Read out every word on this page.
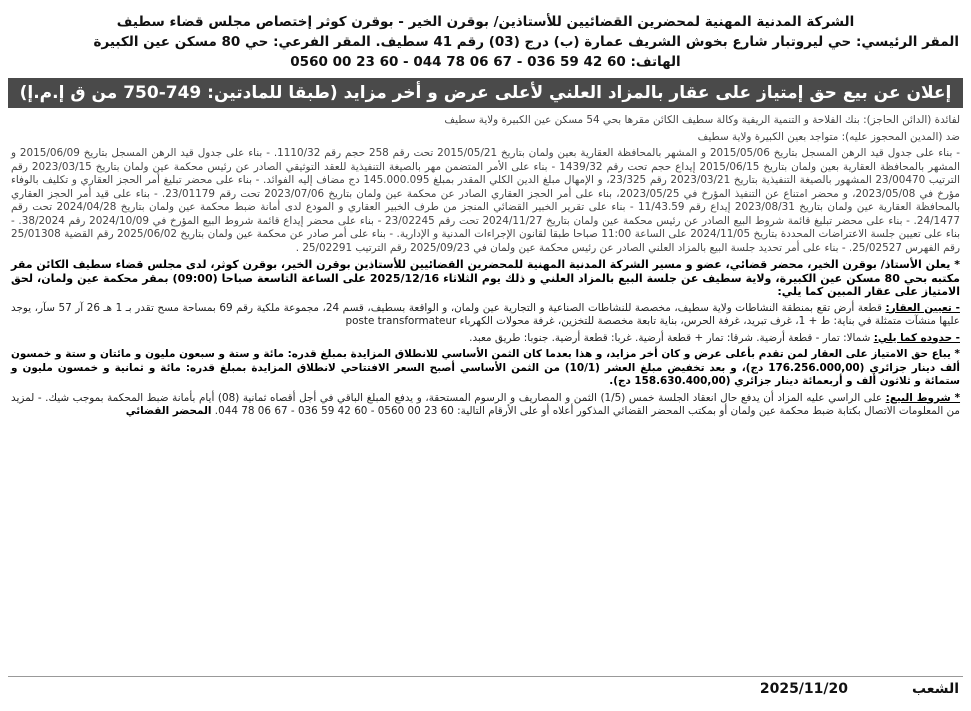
الشركة المدنية المهنية لمحضرين القضائيين للأستاذين/ بوقرن الخير - بوقرن كوثر إختصاص مجلس قضاء سطيف
المقر الرئيسي: حي ليروتبار شارع بخوش الشريف عمارة (ب) درج (03) رقم 41 سطيف. المقر الفرعي: حي 80 مسكن عين الكبيرة
الهاتف: 60 42 59 036 - 67 06 78 044 - 60 23 00 0560
إعلان عن بيع حق إمتياز على عقار بالمزاد العلني لأعلى عرض و أخر مزايد (طبقا للمادتين: 749-750 من ق إ.م.إ)

لفائدة (الدائن الحاجز): بنك الفلاحة و التنمية الريفية وكالة سطيف الكائن مقرها بحي 54 مسكن عين الكبيرة ولاية سطيف

ضد (المدين المحجوز عليه): متواجد بعين الكبيرة ولاية سطيف

- بناء على جدول قيد الرهن المسجل بتاريخ 2015/05/06 و المشهر بالمحافظة العقارية بعين ولمان بتاريخ 2015/05/21 تحت رقم 258 حجم رقم 1110/32. - بناء على جدول قيد الرهن المسجل بتاريخ 2015/06/09 و المشهر بالمحافظة العقارية بعين ولمان بتاريخ 2015/06/15 إيداع حجم تحت رقم 1439/32 - بناء على الأمر المتضمن مهر بالصيغة التنفيذية للعقد التوثيقي الصادر عن رئيس محكمة عين ولمان بتاريخ 2023/03/15 رقم الترتيب 23/00470 المشهور بالصيغة التنفيذية بتاريخ 2023/03/21 رقم 23/325، و الإمهال مبلغ الدين الكلي المقدر بمبلغ 145.000.095 دج مضاف إليه الفوائد. - بناء على محضر تبليغ أمر الحجز العقاري و تكليف بالوفاء مؤرخ في 2023/05/08، و محضر امتناع عن التنفيذ المؤرخ في 2023/05/25، بناء على أمر الحجز العقاري الصادر عن محكمة عين ولمان بتاريخ 2023/07/06 تحت رقم 23/01179. - بناء على قيد أمر الحجز العقاري بالمحافظة العقارية عين ولمان بتاريخ 2023/08/31 إيداع رقم 11/43.59 - بناء على تقرير الخبير القضائي المنجز من طرف الخبير العقاري و المودع لدى أمانة ضبط محكمة عين ولمان بتاريخ 2024/04/28 تحت رقم 24/1477. - بناء على محضر تبليغ قائمة شروط البيع الصادر عن رئيس محكمة عين ولمان بتاريخ 2024/11/27 تحت رقم 23/02245 - بناء على محضر إيداع قائمة شروط البيع المؤرخ في 2024/10/09 رقم 38/2024. - بناء على تعيين جلسة الاعتراضات المحددة بتاريخ 2024/11/05 على الساعة 11:00 صباحا طبقا لقانون الإجراءات المدنية و الإدارية. - بناء على أمر صادر عن محكمة عين ولمان بتاريخ 2025/06/02 رقم القضية 25/01308 رقم الفهرس 25/02527. - بناء على أمر تحديد جلسة البيع بالمزاد العلني الصادر عن رئيس محكمة عين ولمان في 2025/09/23 رقم الترتيب 25/02291 .

* يعلن الأستاذ/ بوقرن الخير، محضر قضائي، عضو و مسير الشركة المدنية المهنية للمحضرين القضائيين للأستاذين بوقرن الخير، بوقرن كوثر، لدى مجلس قضاء سطيف الكائن مقر مكتبه بحي 80 مسكن عين الكبيرة، ولاية سطيف عن جلسة البيع بالمزاد العلني و ذلك يوم الثلاثاء 2025/12/16 على الساعة التاسعة صباحا (09:00) بمقر محكمة عين ولمان، لحق الامتياز على عقار المبين كما يلي:

- تعيين العقار: قطعة أرض تقع بمنطقة النشاطات ولاية سطيف، مخصصة للنشاطات الصناعية و التجارية عين ولمان، و الواقعة بسطيف، قسم 24، مجموعة ملكية رقم 69 بمساحة مسح تقدر بـ 1 هـ 26 آر 57 سآر، يوجد عليها منشآت متمثلة في بناية: ط + 1، غرف تبريد، غرفة الحرس، بناية تابعة مخصصة للتخزين، غرفة محولات الكهرباء poste transformateur

- حدوده كما يلي: شمالا: تمار - قطعة أرضية. شرقا: تمار + قطعة أرضية. غربا: قطعة أرضية. جنوبا: طريق معبد.

* يباع حق الامتياز على العقار لمن تقدم بأعلى عرض و كان أخر مزايد، و هذا بعدما كان الثمن الأساسي للانطلاق المزايدة بمبلغ قدره: مائة و ستة و سبعون مليون و مائتان و ستة و خمسون ألف دينار جزائري (176.256.000,00 دج)، و بعد تخفيض مبلغ العشر (10/1) من الثمن الأساسي أصبح السعر الافتتاحي لانطلاق المزايدة بمبلغ قدره: مائة و ثمانية و خمسون مليون و ستمائة و ثلاثون ألف و أربعمائة دينار جزائري (158.630.400,00 دج).

* شروط البيع: على الراسي عليه المزاد أن يدفع حال انعقاد الجلسة خمس (1/5) الثمن و المصاريف و الرسوم المستحقة، و يدفع المبلغ الباقي في أجل أقصاه ثمانية (08) أيام بأمانة ضبط المحكمة بموجب شيك. - لمزيد من المعلومات الاتصال بكتابة ضبط محكمة عين ولمان أو بمكتب المحضر القضائي المذكور أعلاه أو على الأرقام التالية: 60 23 00 0560 - 60 42 59 036 - 67 06 78 044. المحضر القضائي

الشعب
2025/11/20
